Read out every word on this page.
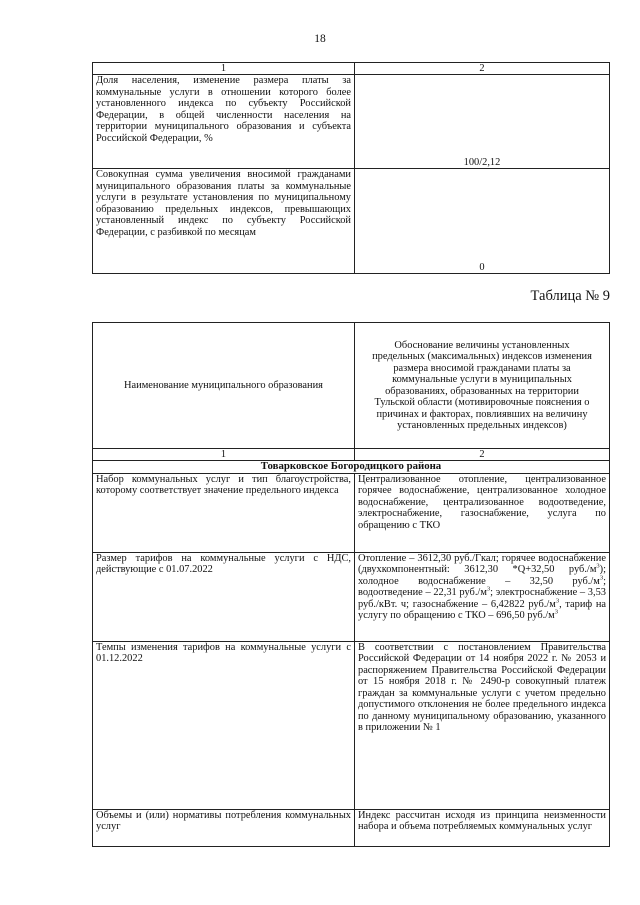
18
1	2
Доля населения, изменение размера платы за коммунальные услуги в отношении которого более установленного индекса по субъекту Российской Федерации, в общей численности населения на территории муниципального образования и субъекта Российской Федерации, %	100/2,12
Совокупная сумма увеличения вносимой гражданами муниципального образования платы за коммунальные услуги в результате установления по муниципальному образованию предельных индексов, превышающих установленный индекс по субъекту Российской Федерации, с разбивкой по месяцам	0
Таблица № 9
Наименование муниципального образования	Обоснование величины установленных предельных (максимальных) индексов изменения размера вносимой гражданами платы за коммунальные услуги в муниципальных образованиях, образованных на территории Тульской области (мотивировочные пояснения о причинах и факторах, повлиявших на величину установленных предельных индексов)
1	2
Товарковское Богородицкого района	
Набор коммунальных услуг и тип благоустройства, которому соответствует значение предельного индекса	Централизованное отопление, централизованное горячее водоснабжение, централизованное холодное водоснабжение, централизованное водоотведение, электроснабжение, газоснабжение, услуга по обращению с ТКО
Размер тарифов на коммунальные услуги с НДС, действующие с 01.07.2022	Отопление – 3612,30 руб./Гкал; горячее водоснабжение (двухкомпонентный: 3612,30 *Q+32,50 $руб./м^3$); холодное водоснабжение – 32,50 $руб./м^3$; водоотведение – 22,31 $руб./м^3$; электроснабжение – 3,53 руб./кВт. ч; газоснабжение – 6,42822 $руб./м^3$, тариф на услугу по обращению с ТКО – 696,50 $руб./м^3$
Темпы изменения тарифов на коммунальные услуги с 01.12.2022	В соответствии с постановлением Правительства Российской Федерации от 14 ноября 2022 г. № 2053 и распоряжением Правительства Российской Федерации от 15 ноября 2018 г. № 2490-р совокупный платеж граждан за коммунальные услуги с учетом предельно допустимого отклонения не более предельного индекса по данному муниципальному образованию, указанного в приложении № 1
Объемы и (или) нормативы потребления коммунальных услуг	Индекс рассчитан исходя из принципа неизменности набора и объема потребляемых коммунальных услуг
